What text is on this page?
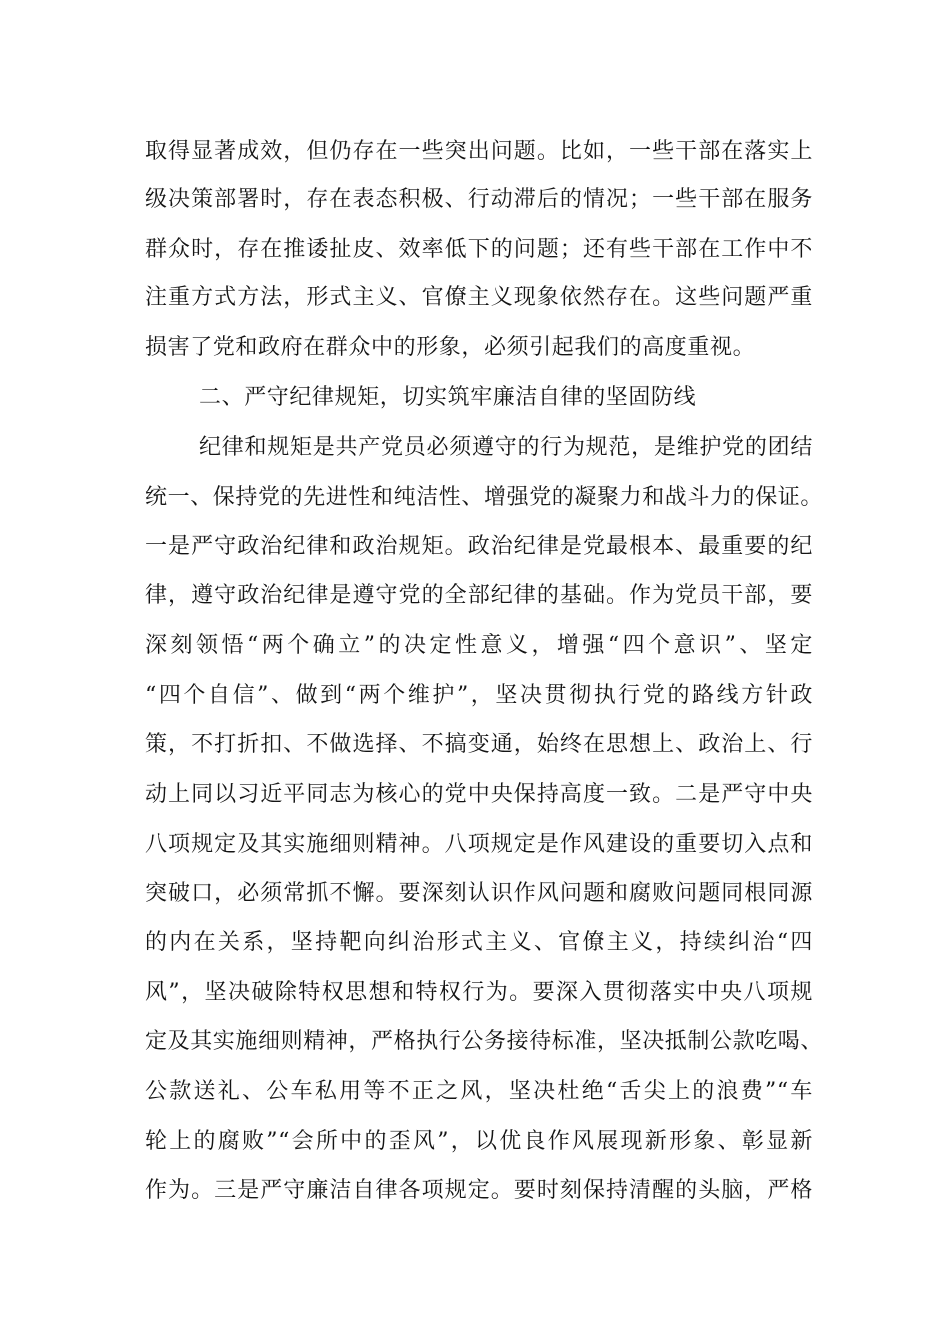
取得显著成效，但仍存在一些突出问题。比如，一些干部在落实上
级决策部署时，存在表态积极、行动滞后的情况；一些干部在服务
群众时，存在推诿扯皮、效率低下的问题；还有些干部在工作中不
注重方式方法，形式主义、官僚主义现象依然存在。这些问题严重
损害了党和政府在群众中的形象，必须引起我们的高度重视。
二、严守纪律规矩，切实筑牢廉洁自律的坚固防线
纪律和规矩是共产党员必须遵守的行为规范，是维护党的团结
统一、保持党的先进性和纯洁性、增强党的凝聚力和战斗力的保证。
一是严守政治纪律和政治规矩。政治纪律是党最根本、最重要的纪
律，遵守政治纪律是遵守党的全部纪律的基础。作为党员干部，要
深刻领悟“两个确立”的决定性意义，增强“四个意识”、坚定
“四个自信”、做到“两个维护”，坚决贯彻执行党的路线方针政
策，不打折扣、不做选择、不搞变通，始终在思想上、政治上、行
动上同以习近平同志为核心的党中央保持高度一致。二是严守中央
八项规定及其实施细则精神。八项规定是作风建设的重要切入点和
突破口，必须常抓不懈。要深刻认识作风问题和腐败问题同根同源
的内在关系，坚持靶向纠治形式主义、官僚主义，持续纠治“四
风”，坚决破除特权思想和特权行为。要深入贯彻落实中央八项规
定及其实施细则精神，严格执行公务接待标准，坚决抵制公款吃喝、
公款送礼、公车私用等不正之风，坚决杜绝“舌尖上的浪费”“车
轮上的腐败”“会所中的歪风”，以优良作风展现新形象、彰显新
作为。三是严守廉洁自律各项规定。要时刻保持清醒的头脑，严格
